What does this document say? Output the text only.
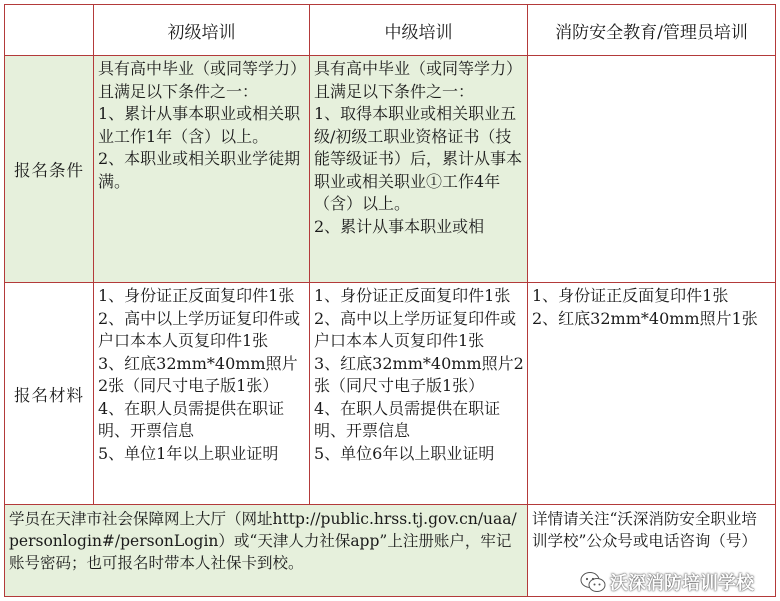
初级培训	中级培训	消防安全教育/管理员培训
报名条件
具有高中毕业（或同等学力）且满足以下条件之一：
1、累计从事本职业或相关职业工作1年（含）以上。
2、本职业或相关职业学徒期满。
具有高中毕业（或同等学力）且满足以下条件之一：
1、取得本职业或相关职业五级/初级工职业资格证书（技能等级证书）后，累计从事本职业或相关职业①工作4年（含）以上。
2、累计从事本职业或相
报名材料
1、身份证正反面复印件1张
2、高中以上学历证复印件或户口本本人页复印件1张
3、红底32mm*40mm照片2张（同尺寸电子版1张）
4、在职人员需提供在职证明、开票信息
5、单位1年以上职业证明
1、身份证正反面复印件1张
2、高中以上学历证复印件或户口本本人页复印件1张
3、红底32mm*40mm照片2张（同尺寸电子版1张）
4、在职人员需提供在职证明、开票信息
5、单位6年以上职业证明
1、身份证正反面复印件1张
2、红底32mm*40mm照片1张
学员在天津市社会保障网上大厅（网址http://public.hrss.tj.gov.cn/uaa/personlogin#/personLogin）或“天津人力社保app”上注册账户，牢记账号密码；也可报名时带本人社保卡到校。
详情请关注“沃深消防安全职业培训学校”公众号或电话咨询（号）
沃深消防培训学校
